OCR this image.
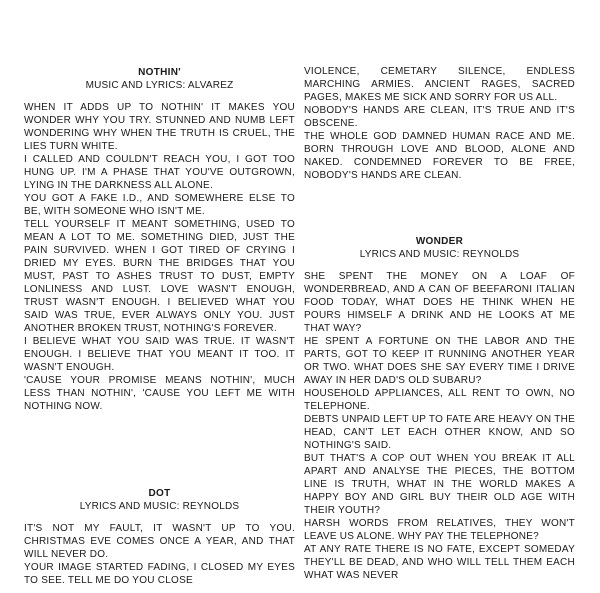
NOTHIN'
MUSIC AND LYRICS: ALVAREZ

WHEN IT ADDS UP TO NOTHIN' IT MAKES YOU WONDER WHY YOU TRY. STUNNED AND NUMB LEFT WONDERING WHY WHEN THE TRUTH IS CRUEL, THE LIES TURN WHITE.

I CALLED AND COULDN'T REACH YOU, I GOT TOO HUNG UP. I'M A PHASE THAT YOU'VE OUTGROWN, LYING IN THE DARKNESS ALL ALONE.

YOU GOT A FAKE I.D., AND SOMEWHERE ELSE TO BE, WITH SOMEONE WHO ISN'T ME.

TELL YOURSELF IT MEANT SOMETHING, USED TO MEAN A LOT TO ME. SOMETHING DIED, JUST THE PAIN SURVIVED. WHEN I GOT TIRED OF CRYING I DRIED MY EYES. BURN THE BRIDGES THAT YOU MUST, PAST TO ASHES TRUST TO DUST, EMPTY LONLINESS AND LUST. LOVE WASN'T ENOUGH, TRUST WASN'T ENOUGH. I BELIEVED WHAT YOU SAID WAS TRUE, EVER ALWAYS ONLY YOU. JUST ANOTHER BROKEN TRUST, NOTHING'S FOREVER.

I BELIEVE WHAT YOU SAID WAS TRUE. IT WASN'T ENOUGH. I BELIEVE THAT YOU MEANT IT TOO. IT WASN'T ENOUGH.

'CAUSE YOUR PROMISE MEANS NOTHIN', MUCH LESS THAN NOTHIN', 'CAUSE YOU LEFT ME WITH NOTHING NOW.

DOT
LYRICS AND MUSIC: REYNOLDS

IT'S NOT MY FAULT, IT WASN'T UP TO YOU. CHRISTMAS EVE COMES ONCE A YEAR, AND THAT WILL NEVER DO.

YOUR IMAGE STARTED FADING, I CLOSED MY EYES TO SEE. TELL ME DO YOU CLOSE

VIOLENCE, CEMETARY SILENCE, ENDLESS MARCHING ARMIES. ANCIENT RAGES, SACRED PAGES, MAKES ME SICK AND SORRY FOR US ALL.

NOBODY'S HANDS ARE CLEAN, IT'S TRUE AND IT'S OBSCENE.

THE WHOLE GOD DAMNED HUMAN RACE AND ME. BORN THROUGH LOVE AND BLOOD, ALONE AND NAKED. CONDEMNED FOREVER TO BE FREE, NOBODY'S HANDS ARE CLEAN.

WONDER
LYRICS AND MUSIC: REYNOLDS

SHE SPENT THE MONEY ON A LOAF OF WONDERBREAD, AND A CAN OF BEEFARONI ITALIAN FOOD TODAY, WHAT DOES HE THINK WHEN HE POURS HIMSELF A DRINK AND HE LOOKS AT ME THAT WAY?

HE SPENT A FORTUNE ON THE LABOR AND THE PARTS, GOT TO KEEP IT RUNNING ANOTHER YEAR OR TWO. WHAT DOES SHE SAY EVERY TIME I DRIVE AWAY IN HER DAD'S OLD SUBARU?

HOUSEHOLD APPLIANCES, ALL RENT TO OWN, NO TELEPHONE.

DEBTS UNPAID LEFT UP TO FATE ARE HEAVY ON THE HEAD, CAN'T LET EACH OTHER KNOW, AND SO NOTHING'S SAID.

BUT THAT'S A COP OUT WHEN YOU BREAK IT ALL APART AND ANALYSE THE PIECES, THE BOTTOM LINE IS TRUTH, WHAT IN THE WORLD MAKES A HAPPY BOY AND GIRL BUY THEIR OLD AGE WITH THEIR YOUTH?

HARSH WORDS FROM RELATIVES, THEY WON'T LEAVE US ALONE. WHY PAY THE TELEPHONE?

AT ANY RATE THERE IS NO FATE, EXCEPT SOMEDAY THEY'LL BE DEAD, AND WHO WILL TELL THEM EACH WHAT WAS NEVER
